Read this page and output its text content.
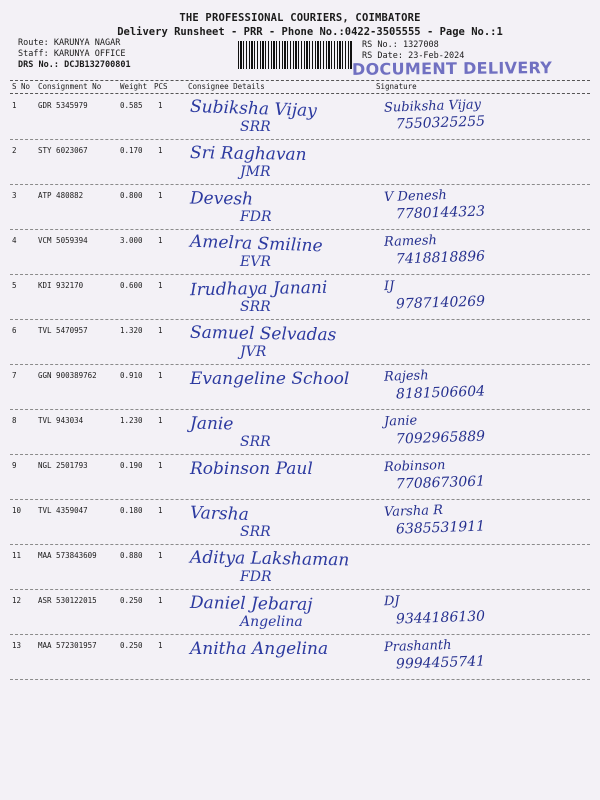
THE PROFESSIONAL COURIERS, COIMBATORE
Delivery Runsheet - PRR - Phone No.:0422-3505555 - Page No.:1
Route: KARUNYA NAGAR
Staff: KARUNYA OFFICE
DRS No.: DCJB132700801
RS No.: 1327008
RS Date: 23-Feb-2024
DOCUMENT DELIVERY
S No Consignment No	Weight PCS	Consignee Details	Signature
1	GDR 5345979	0.585 1 Subiksha Vijay
SRR
Subiksha Vijay
7550325255
2	STY 6023067	0.170 1 Sri Raghavan
JMR
3	ATP 480882	0.800 1 Devesh
FDR
V Denesh
7780144323
4	VCM 5059394	3.000 1 Amelra Smiline
EVR
Ramesh
7418818896
5	KDI 932170	0.600 1 Irudhaya Janani
SRR
IJ
9787140269
6	TVL 5470957	1.320 1 Samuel Selvadas
JVR
7	GGN 900389762	0.910 1 Evangeline School	Rajesh
8181506604
8	TVL 943034	1.230 1 Janie
SRR
Janie
7092965889
9	NGL 2501793	0.190 1 Robinson Paul	Robinson
7708673061
10 TVL 4359047	0.180 1 Varsha
SRR
Varsha R
6385531911
11 MAA 573843609	0.880 1 Aditya Lakshaman
FDR
12 ASR 530122015	0.250 1 Daniel Jebaraj
Angelina
DJ
9344186130
13 MAA 572301957	0.250 1 Anitha Angelina	Prashanth
9994455741
